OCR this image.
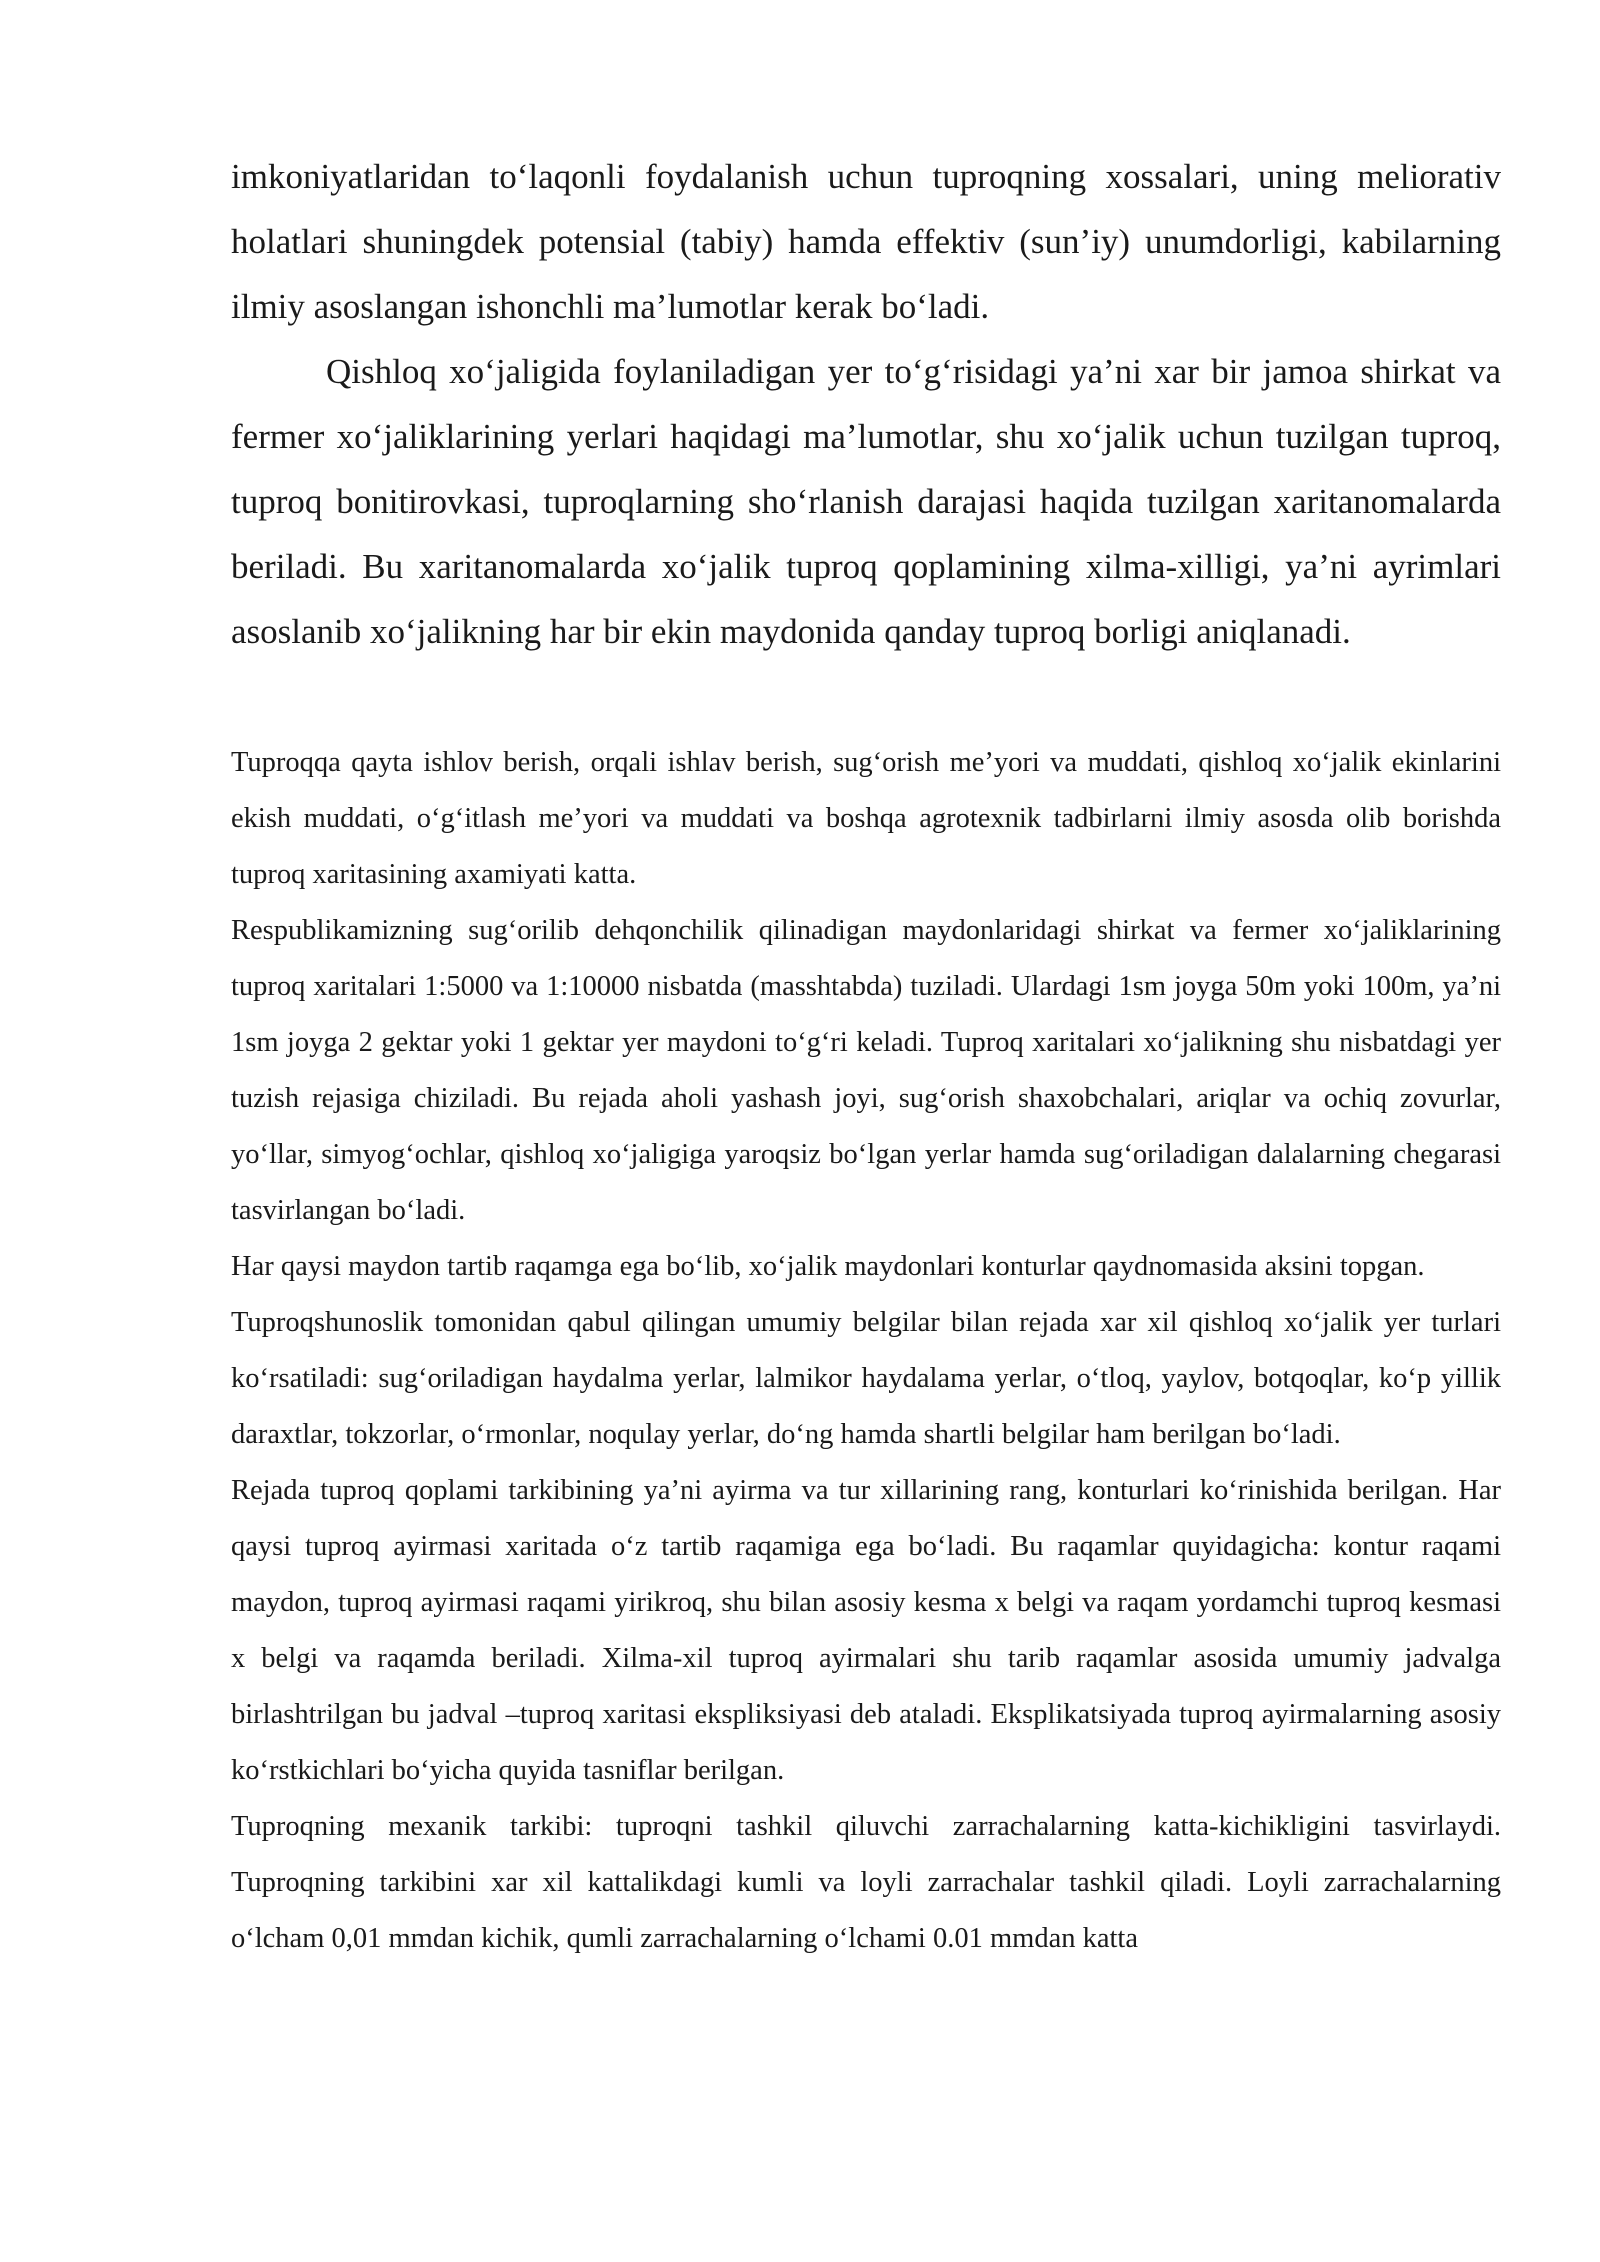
imkoniyatlaridan to‘laqonli foydalanish uchun tuproqning xossalari, uning meliorativ holatlari shuningdek potensial (tabiy) hamda effektiv (sun’iy) unumdorligi, kabilarning ilmiy asoslangan ishonchli ma’lumotlar kerak bo‘ladi.

Qishloq xo‘jaligida foylaniladigan yer to‘g‘risidagi ya’ni xar bir jamoa shirkat va fermer xo‘jaliklarining yerlari haqidagi ma’lumotlar, shu xo‘jalik uchun tuzilgan tuproq, tuproq bonitirovkasi, tuproqlarning sho‘rlanish darajasi haqida tuzilgan xaritanomalarda beriladi. Bu xaritanomalarda xo‘jalik tuproq qoplamining xilma-xilligi, ya’ni ayrimlari asoslanib xo‘jalikning har bir ekin maydonida qanday tuproq borligi aniqlanadi.

Tuproqqa qayta ishlov berish, orqali ishlav berish, sug‘orish me’yori va muddati, qishloq xo‘jalik ekinlarini ekish muddati, o‘g‘itlash me’yori va muddati va boshqa agrotexnik tadbirlarni ilmiy asosda olib borishda tuproq xaritasining axamiyati katta.

Respublikamizning sug‘orilib dehqonchilik qilinadigan maydonlaridagi shirkat va fermer xo‘jaliklarining tuproq xaritalari 1:5000 va 1:10000 nisbatda (masshtabda) tuziladi. Ulardagi 1sm joyga 50m yoki 100m, ya’ni 1sm joyga 2 gektar yoki 1 gektar yer maydoni to‘g‘ri keladi. Tuproq xaritalari xo‘jalikning shu nisbatdagi yer tuzish rejasiga chiziladi. Bu rejada aholi yashash joyi, sug‘orish shaxobchalari, ariqlar va ochiq zovurlar, yo‘llar, simyog‘ochlar, qishloq xo‘jaligiga yaroqsiz bo‘lgan yerlar hamda sug‘oriladigan dalalarning chegarasi tasvirlangan bo‘ladi.

Har qaysi maydon tartib raqamga ega bo‘lib, xo‘jalik maydonlari konturlar qaydnomasida aksini topgan.

Tuproqshunoslik tomonidan qabul qilingan umumiy belgilar bilan rejada xar xil qishloq xo‘jalik yer turlari ko‘rsatiladi: sug‘oriladigan haydalma yerlar, lalmikor haydalama yerlar, o‘tloq, yaylov, botqoqlar, ko‘p yillik daraxtlar, tokzorlar, o‘rmonlar, noqulay yerlar, do‘ng hamda shartli belgilar ham berilgan bo‘ladi.

Rejada tuproq qoplami tarkibining ya’ni ayirma va tur xillarining rang, konturlari ko‘rinishida berilgan. Har qaysi tuproq ayirmasi xaritada o‘z tartib raqamiga ega bo‘ladi. Bu raqamlar quyidagicha: kontur raqami maydon, tuproq ayirmasi raqami yirikroq, shu bilan asosiy kesma x belgi va raqam yordamchi tuproq kesmasi x belgi va raqamda beriladi. Xilma-xil tuproq ayirmalari shu tarib raqamlar asosida umumiy jadvalga birlashtrilgan bu jadval –tuproq xaritasi ekspliksiyasi deb ataladi. Eksplikatsiyada tuproq ayirmalarning asosiy ko‘rstkichlari bo‘yicha quyida tasniflar berilgan.

Tuproqning mexanik tarkibi: tuproqni tashkil qiluvchi zarrachalarning katta-kichikligini tasvirlaydi. Tuproqning tarkibini xar xil kattalikdagi kumli va loyli zarrachalar tashkil qiladi. Loyli zarrachalarning o‘lcham 0,01 mmdan kichik, qumli zarrachalarning o‘lchami 0.01 mmdan katta
